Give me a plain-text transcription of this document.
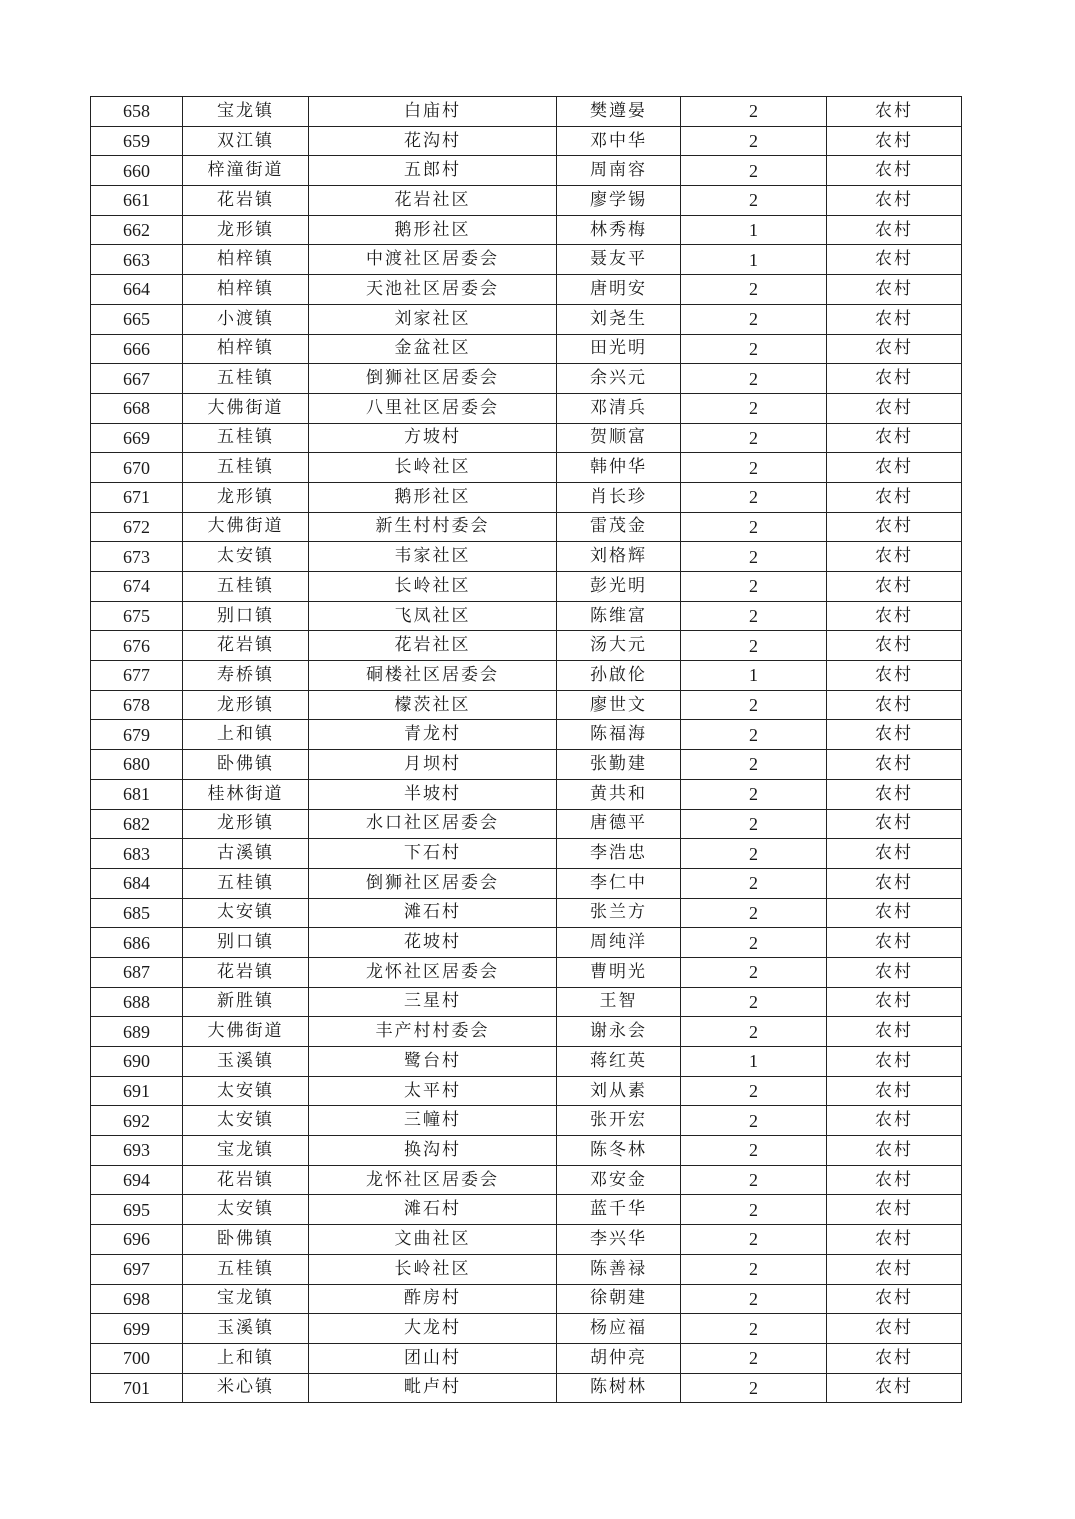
658	宝龙镇	白庙村	樊遵晏	2	农村
659	双江镇	花沟村	邓中华	2	农村
660	梓潼街道	五郎村	周南容	2	农村
661	花岩镇	花岩社区	廖学锡	2	农村
662	龙形镇	鹅形社区	林秀梅	1	农村
663	柏梓镇	中渡社区居委会	聂友平	1	农村
664	柏梓镇	天池社区居委会	唐明安	2	农村
665	小渡镇	刘家社区	刘尧生	2	农村
666	柏梓镇	金盆社区	田光明	2	农村
667	五桂镇	倒狮社区居委会	余兴元	2	农村
668	大佛街道	八里社区居委会	邓清兵	2	农村
669	五桂镇	方坡村	贺顺富	2	农村
670	五桂镇	长岭社区	韩仲华	2	农村
671	龙形镇	鹅形社区	肖长珍	2	农村
672	大佛街道	新生村村委会	雷茂金	2	农村
673	太安镇	韦家社区	刘格辉	2	农村
674	五桂镇	长岭社区	彭光明	2	农村
675	别口镇	飞凤社区	陈维富	2	农村
676	花岩镇	花岩社区	汤大元	2	农村
677	寿桥镇	硐楼社区居委会	孙啟伦	1	农村
678	龙形镇	檬茨社区	廖世文	2	农村
679	上和镇	青龙村	陈福海	2	农村
680	卧佛镇	月坝村	张勤建	2	农村
681	桂林街道	半坡村	黄共和	2	农村
682	龙形镇	水口社区居委会	唐德平	2	农村
683	古溪镇	下石村	李浩忠	2	农村
684	五桂镇	倒狮社区居委会	李仁中	2	农村
685	太安镇	滩石村	张兰方	2	农村
686	别口镇	花坡村	周纯洋	2	农村
687	花岩镇	龙怀社区居委会	曹明光	2	农村
688	新胜镇	三星村	王智	2	农村
689	大佛街道	丰产村村委会	谢永会	2	农村
690	玉溪镇	鹭台村	蒋红英	1	农村
691	太安镇	太平村	刘从素	2	农村
692	太安镇	三幢村	张开宏	2	农村
693	宝龙镇	换沟村	陈冬林	2	农村
694	花岩镇	龙怀社区居委会	邓安金	2	农村
695	太安镇	滩石村	蓝千华	2	农村
696	卧佛镇	文曲社区	李兴华	2	农村
697	五桂镇	长岭社区	陈善禄	2	农村
698	宝龙镇	酢房村	徐朝建	2	农村
699	玉溪镇	大龙村	杨应福	2	农村
700	上和镇	团山村	胡仲亮	2	农村
701	米心镇	毗卢村	陈树林	2	农村
